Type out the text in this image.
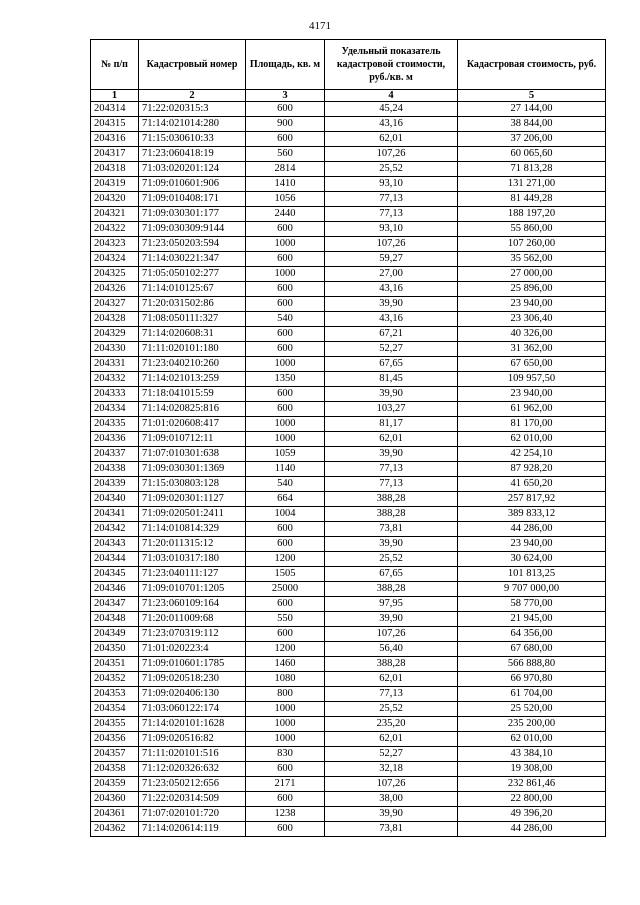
4171
№ п/п	Кадастровый номер	Площадь, кв. м	Удельный показатель кадастровой стоимости, руб./кв. м	Кадастровая стоимость, руб.
1	2	3	4	5
204314	71:22:020315:3	600	45,24	27 144,00
204315	71:14:021014:280	900	43,16	38 844,00
204316	71:15:030610:33	600	62,01	37 206,00
204317	71:23:060418:19	560	107,26	60 065,60
204318	71:03:020201:124	2814	25,52	71 813,28
204319	71:09:010601:906	1410	93,10	131 271,00
204320	71:09:010408:171	1056	77,13	81 449,28
204321	71:09:030301:177	2440	77,13	188 197,20
204322	71:09:030309:9144	600	93,10	55 860,00
204323	71:23:050203:594	1000	107,26	107 260,00
204324	71:14:030221:347	600	59,27	35 562,00
204325	71:05:050102:277	1000	27,00	27 000,00
204326	71:14:010125:67	600	43,16	25 896,00
204327	71:20:031502:86	600	39,90	23 940,00
204328	71:08:050111:327	540	43,16	23 306,40
204329	71:14:020608:31	600	67,21	40 326,00
204330	71:11:020101:180	600	52,27	31 362,00
204331	71:23:040210:260	1000	67,65	67 650,00
204332	71:14:021013:259	1350	81,45	109 957,50
204333	71:18:041015:59	600	39,90	23 940,00
204334	71:14:020825:816	600	103,27	61 962,00
204335	71:01:020608:417	1000	81,17	81 170,00
204336	71:09:010712:11	1000	62,01	62 010,00
204337	71:07:010301:638	1059	39,90	42 254,10
204338	71:09:030301:1369	1140	77,13	87 928,20
204339	71:15:030803:128	540	77,13	41 650,20
204340	71:09:020301:1127	664	388,28	257 817,92
204341	71:09:020501:2411	1004	388,28	389 833,12
204342	71:14:010814:329	600	73,81	44 286,00
204343	71:20:011315:12	600	39,90	23 940,00
204344	71:03:010317:180	1200	25,52	30 624,00
204345	71:23:040111:127	1505	67,65	101 813,25
204346	71:09:010701:1205	25000	388,28	9 707 000,00
204347	71:23:060109:164	600	97,95	58 770,00
204348	71:20:011009:68	550	39,90	21 945,00
204349	71:23:070319:112	600	107,26	64 356,00
204350	71:01:020223:4	1200	56,40	67 680,00
204351	71:09:010601:1785	1460	388,28	566 888,80
204352	71:09:020518:230	1080	62,01	66 970,80
204353	71:09:020406:130	800	77,13	61 704,00
204354	71:03:060122:174	1000	25,52	25 520,00
204355	71:14:020101:1628	1000	235,20	235 200,00
204356	71:09:020516:82	1000	62,01	62 010,00
204357	71:11:020101:516	830	52,27	43 384,10
204358	71:12:020326:632	600	32,18	19 308,00
204359	71:23:050212:656	2171	107,26	232 861,46
204360	71:22:020314:509	600	38,00	22 800,00
204361	71:07:020101:720	1238	39,90	49 396,20
204362	71:14:020614:119	600	73,81	44 286,00
